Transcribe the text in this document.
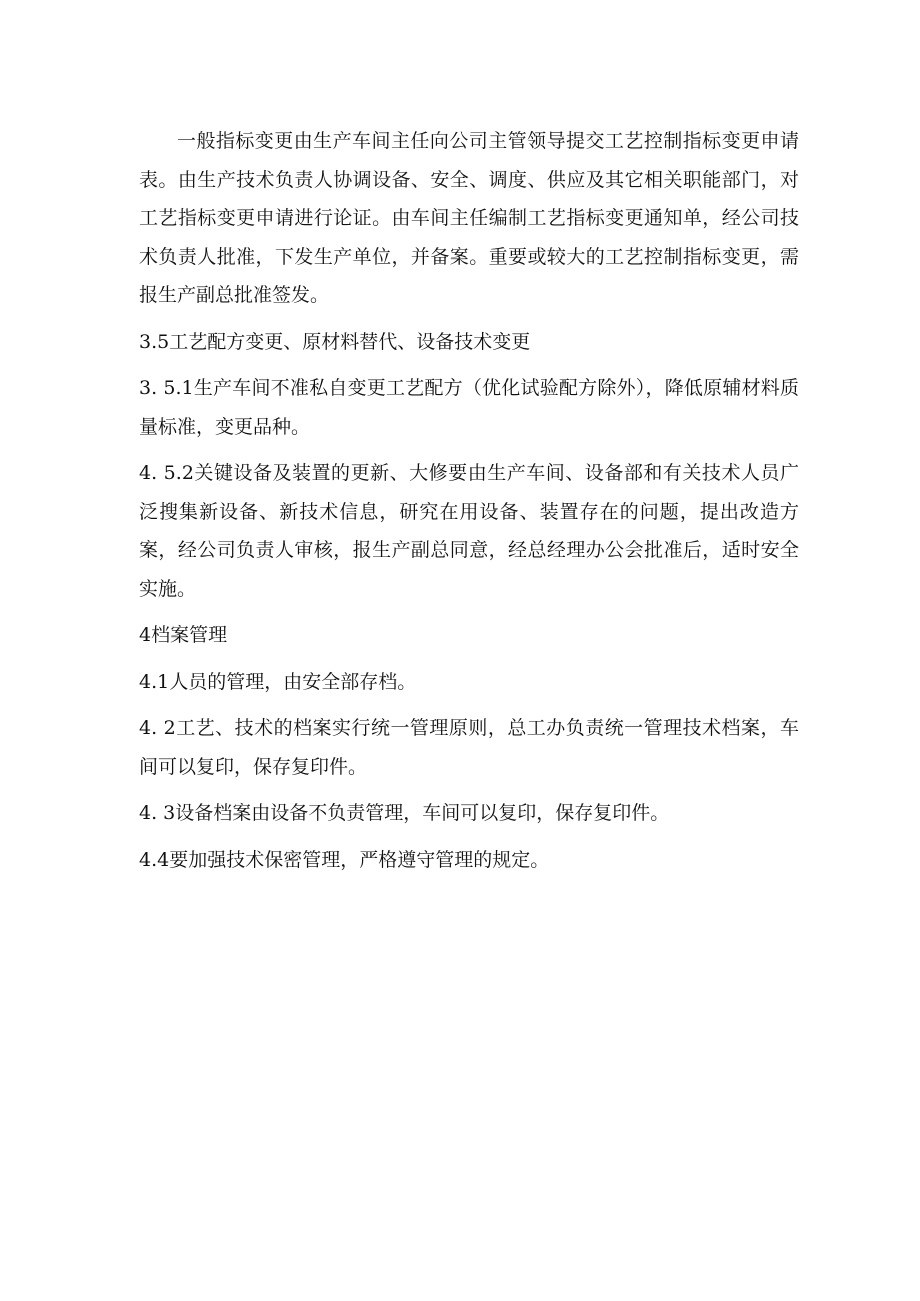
一般指标变更由生产车间主任向公司主管领导提交工艺控制指标变更申请表。由生产技术负责人协调设备、安全、调度、供应及其它相关职能部门，对工艺指标变更申请进行论证。由车间主任编制工艺指标变更通知单，经公司技术负责人批准，下发生产单位，并备案。重要或较大的工艺控制指标变更，需报生产副总批准签发。

3.5工艺配方变更、原材料替代、设备技术变更

3. 5.1生产车间不准私自变更工艺配方（优化试验配方除外），降低原辅材料质量标准，变更品种。

4. 5.2关键设备及装置的更新、大修要由生产车间、设备部和有关技术人员广泛搜集新设备、新技术信息，研究在用设备、装置存在的问题，提出改造方案，经公司负责人审核，报生产副总同意，经总经理办公会批准后，适时安全实施。

4档案管理

4.1人员的管理，由安全部存档。

4. 2工艺、技术的档案实行统一管理原则，总工办负责统一管理技术档案，车间可以复印，保存复印件。

4. 3设备档案由设备不负责管理，车间可以复印，保存复印件。

4.4要加强技术保密管理，严格遵守管理的规定。
